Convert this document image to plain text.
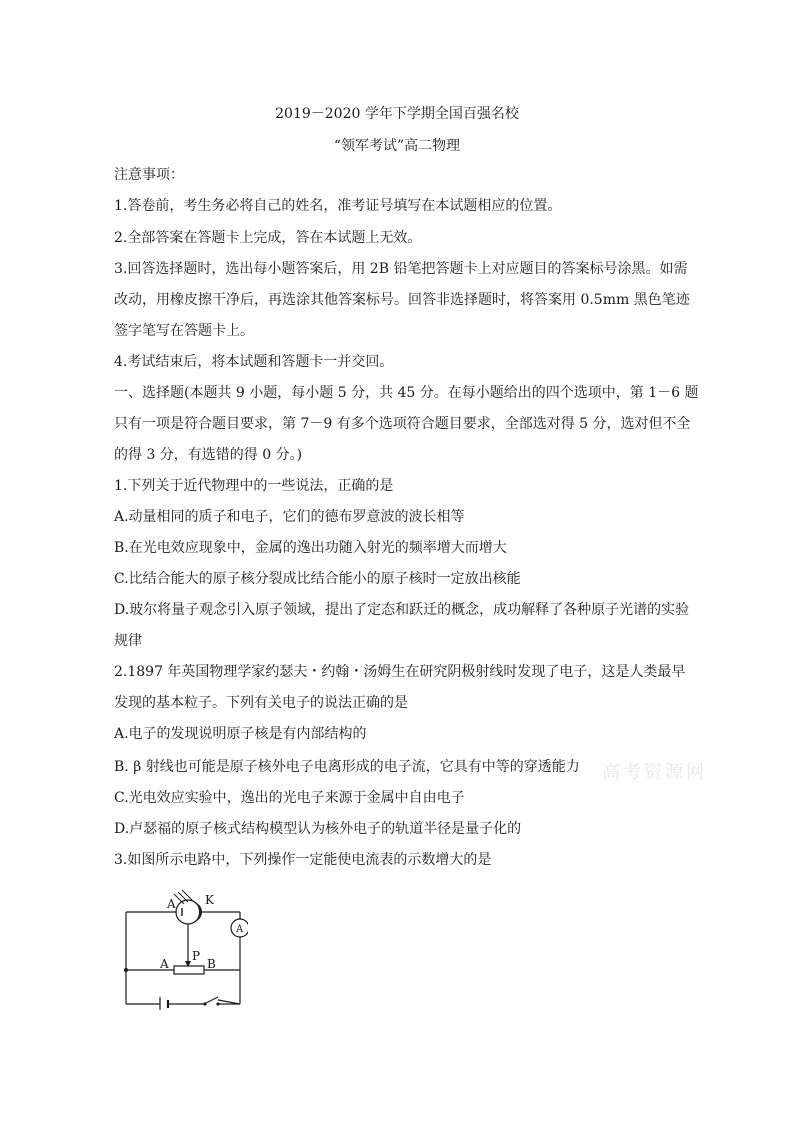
2019－2020 学年下学期全国百强名校
“领军考试”高二物理
注意事项：
1.答卷前，考生务必将自己的姓名，准考证号填写在本试题相应的位置。
2.全部答案在答题卡上完成，答在本试题上无效。
3.回答选择题时，选出每小题答案后，用 2B 铅笔把答题卡上对应题目的答案标号涂黑。如需
改动，用橡皮擦干净后，再选涂其他答案标号。回答非选择题时，将答案用 0.5mm 黑色笔迹
签字笔写在答题卡上。
4.考试结束后，将本试题和答题卡一并交回。
一、选择题(本题共 9 小题，每小题 5 分，共 45 分。在每小题给出的四个选项中，第 1－6 题
只有一项是符合题目要求，第 7－9 有多个选项符合题目要求，全部选对得 5 分，选对但不全
的得 3 分，有选错的得 0 分。)
1.下列关于近代物理中的一些说法，正确的是
A.动量相同的质子和电子，它们的德布罗意波的波长相等
B.在光电效应现象中，金属的逸出功随入射光的频率增大而增大
C.比结合能大的原子核分裂成比结合能小的原子核时一定放出核能
D.玻尔将量子观念引入原子领域，提出了定态和跃迁的概念，成功解释了各种原子光谱的实验
规律
2.1897 年英国物理学家约瑟夫・约翰・汤姆生在研究阴极射线时发现了电子，这是人类最早
发现的基本粒子。下列有关电子的说法正确的是
A.电子的发现说明原子核是有内部结构的
B. β 射线也可能是原子核外电子电离形成的电子流，它具有中等的穿透能力
C.光电效应实验中，逸出的光电子来源于金属中自由电子
D.卢瑟福的原子核式结构模型认为核外电子的轨道半径是量子化的
3.如图所示电路中，下列操作一定能使电流表的示数增大的是
高考资源网
A K
A
A
P
B
